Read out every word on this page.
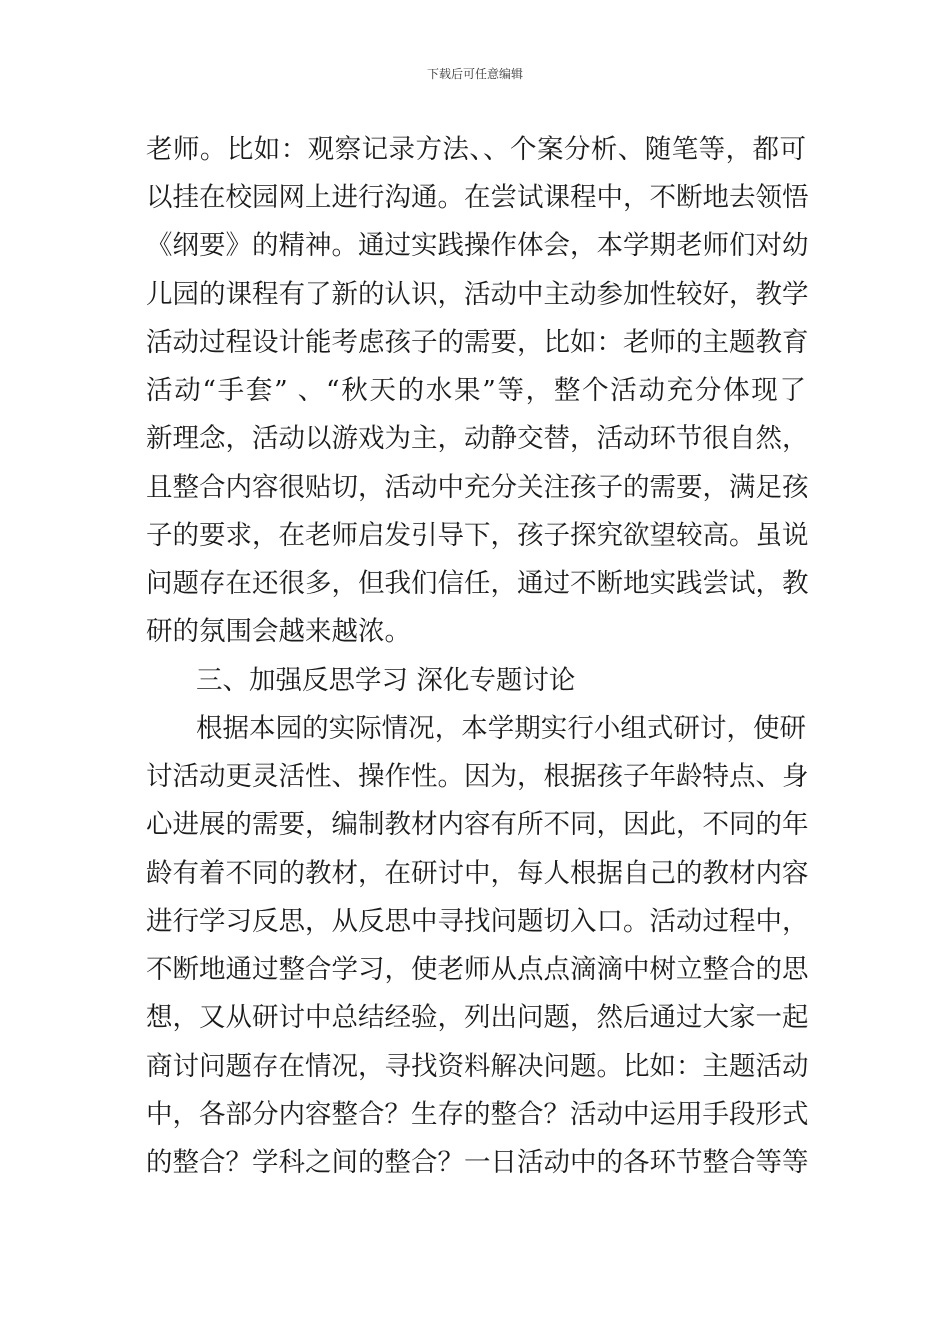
下载后可任意编辑
老师。比如：观察记录方法、、个案分析、随笔等，都可
以挂在校园网上进行沟通。在尝试课程中，不断地去领悟
《纲要》的精神。通过实践操作体会，本学期老师们对幼
儿园的课程有了新的认识，活动中主动参加性较好，教学
活动过程设计能考虑孩子的需要，比如：老师的主题教育
活动“手套” 、“秋天的水果”等，整个活动充分体现了
新理念，活动以游戏为主，动静交替，活动环节很自然，
且整合内容很贴切，活动中充分关注孩子的需要，满足孩
子的要求，在老师启发引导下，孩子探究欲望较高。虽说
问题存在还很多，但我们信任，通过不断地实践尝试，教
研的氛围会越来越浓。
三、加强反思学习 深化专题讨论
根据本园的实际情况，本学期实行小组式研讨，使研
讨活动更灵活性、操作性。因为，根据孩子年龄特点、身
心进展的需要，编制教材内容有所不同，因此，不同的年
龄有着不同的教材，在研讨中，每人根据自己的教材内容
进行学习反思，从反思中寻找问题切入口。活动过程中，
不断地通过整合学习，使老师从点点滴滴中树立整合的思
想，又从研讨中总结经验，列出问题，然后通过大家一起
商讨问题存在情况，寻找资料解决问题。比如：主题活动
中，各部分内容整合？生存的整合？活动中运用手段形式
的整合？学科之间的整合？一日活动中的各环节整合等等
